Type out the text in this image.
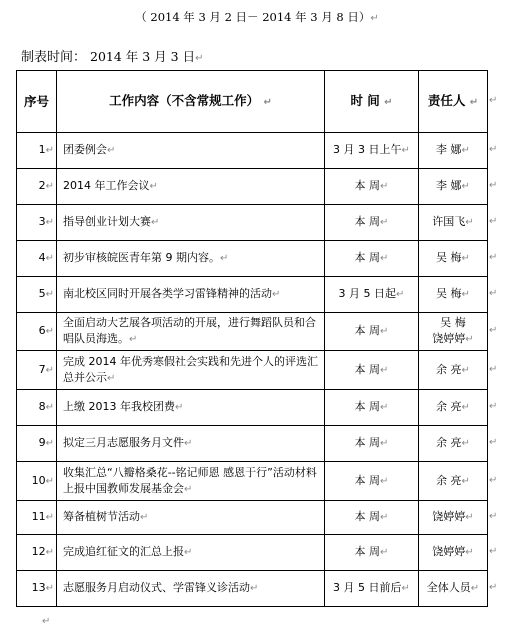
（ 2014 年 3 月 2 日－ 2014 年 3 月 8 日）↵
制表时间： 2014 年 3 月 3 日↵
序号	工作内容（不含常规工作） ↵	时 间 ↵	责任人 ↵
1↵	团委例会↵	3 月 3 日上午↵	李 娜↵
2↵	2014 年工作会议↵	本 周↵	李 娜↵
3↵	指导创业计划大赛↵	本 周↵	许国飞↵
4↵	初步审核皖医青年第 9 期内容。↵	本 周↵	吴 梅↵
5↵	南北校区同时开展各类学习雷锋精神的活动↵	3 月 5 日起↵	吴 梅↵
6↵	全面启动大艺展各项活动的开展，进行舞蹈队员和合唱队员海选。↵	本 周↵	吴 梅
饶婷婷↵
7↵	完成 2014 年优秀寒假社会实践和先进个人的评选汇总并公示↵	本 周↵	余 亮↵
8↵	上缴 2013 年我校团费↵	本 周↵	余 亮↵
9↵	拟定三月志愿服务月文件↵	本 周↵	余 亮↵
10↵	收集汇总“八瓣格桑花--铭记师恩 感恩于行”活动材料上报中国教师发展基金会↵	本 周↵	余 亮↵
11↵	筹备植树节活动↵	本 周↵	饶婷婷↵
12↵	完成追红征文的汇总上报↵	本 周↵	饶婷婷↵
13↵	志愿服务月启动仪式、学雷锋义诊活动↵	3 月 5 日前后↵	全体人员↵
↵
↵
↵
↵
↵
↵
↵
↵
↵
↵
↵
↵
↵
↵
↵
